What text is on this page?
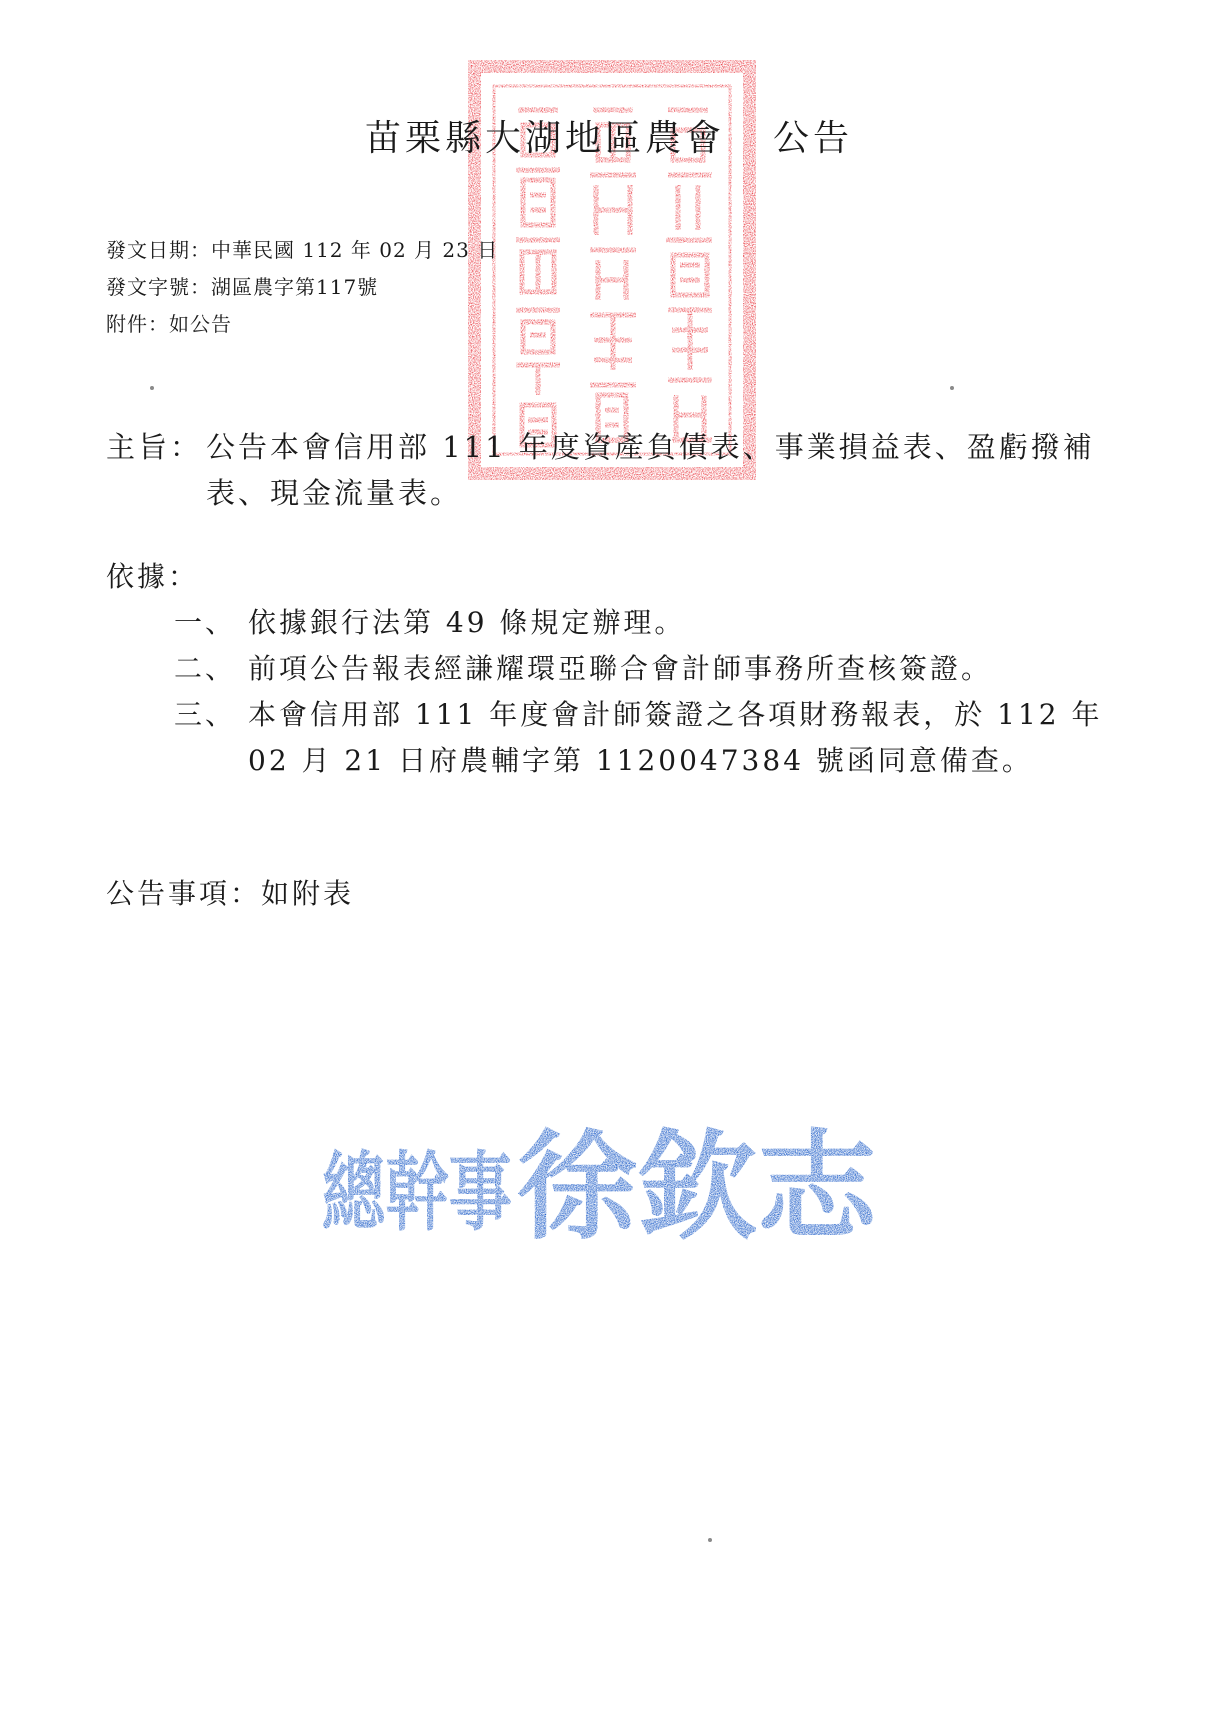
苗栗縣大湖地區農會 公告
發文日期：中華民國 112 年 02 月 23 日
發文字號：湖區農字第117號
附件：如公告
主旨： 公告本會信用部 111 年度資產負債表、事業損益表、盈虧撥補
表、現金流量表。
依據：
一、 依據銀行法第 49 條規定辦理。
二、 前項公告報表經謙耀環亞聯合會計師事務所查核簽證。
三、 本會信用部 111 年度會計師簽證之各項財務報表，於 112 年 02 月 21 日府農輔字第 1120047384 號函同意備查。
公告事項：如附表
總幹事 徐欽志
